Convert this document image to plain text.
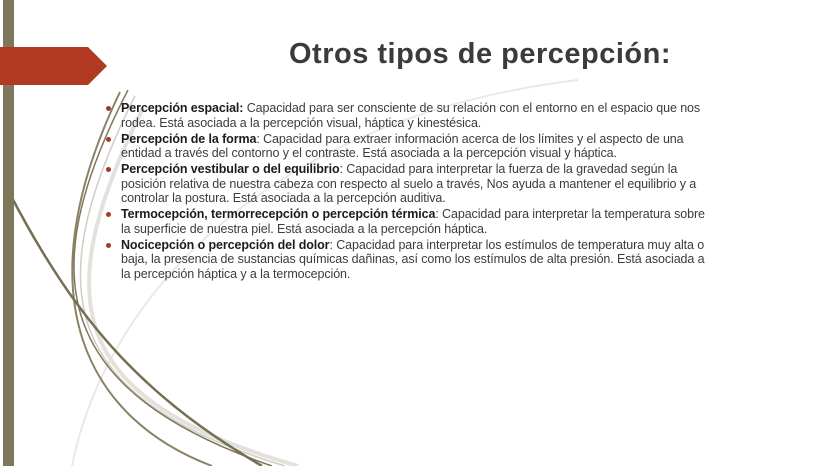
Otros tipos de percepción:
Percepción espacial: Capacidad para ser consciente de su relación con el entorno en el espacio que nos rodea. Está asociada a la percepción visual, háptica y kinestésica.
Percepción de la forma: Capacidad para extraer información acerca de los límites y el aspecto de una entidad a través del contorno y el contraste. Está asociada a la percepción visual y háptica.
Percepción vestibular o del equilibrio: Capacidad para interpretar la fuerza de la gravedad según la posición relativa de nuestra cabeza con respecto al suelo a través, Nos ayuda a mantener el equilibrio y a controlar la postura. Está asociada a la percepción auditiva.
Termocepción, termorrecepción o percepción térmica: Capacidad para interpretar la temperatura sobre la superficie de nuestra piel. Está asociada a la percepción háptica.
Nocicepción o percepción del dolor: Capacidad para interpretar los estímulos de temperatura muy alta o baja, la presencia de sustancias químicas dañinas, así como los estímulos de alta presión. Está asociada a la percepción háptica y a la termocepción.
